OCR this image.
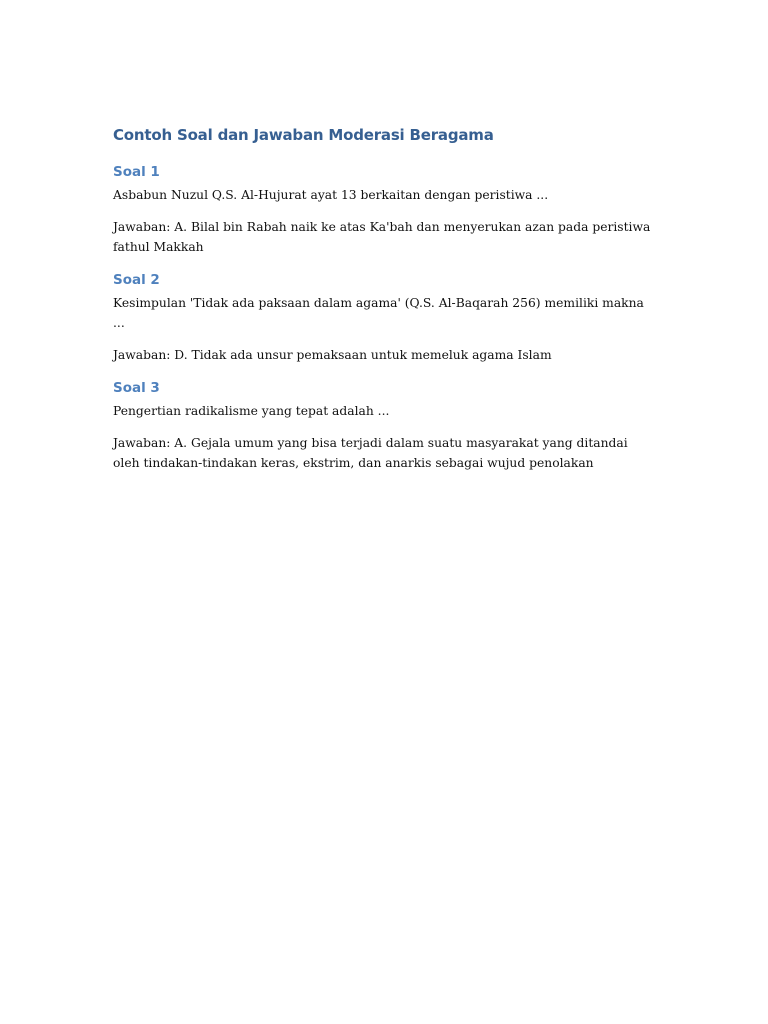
Contoh Soal dan Jawaban Moderasi Beragama
Soal 1

Asbabun Nuzul Q.S. Al-Hujurat ayat 13 berkaitan dengan peristiwa ...

Jawaban: A. Bilal bin Rabah naik ke atas Ka'bah dan menyerukan azan pada peristiwa fathul Makkah

Soal 2

Kesimpulan 'Tidak ada paksaan dalam agama' (Q.S. Al-Baqarah 256) memiliki makna ...

Jawaban: D. Tidak ada unsur pemaksaan untuk memeluk agama Islam

Soal 3

Pengertian radikalisme yang tepat adalah ...

Jawaban: A. Gejala umum yang bisa terjadi dalam suatu masyarakat yang ditandai oleh tindakan-tindakan keras, ekstrim, dan anarkis sebagai wujud penolakan
